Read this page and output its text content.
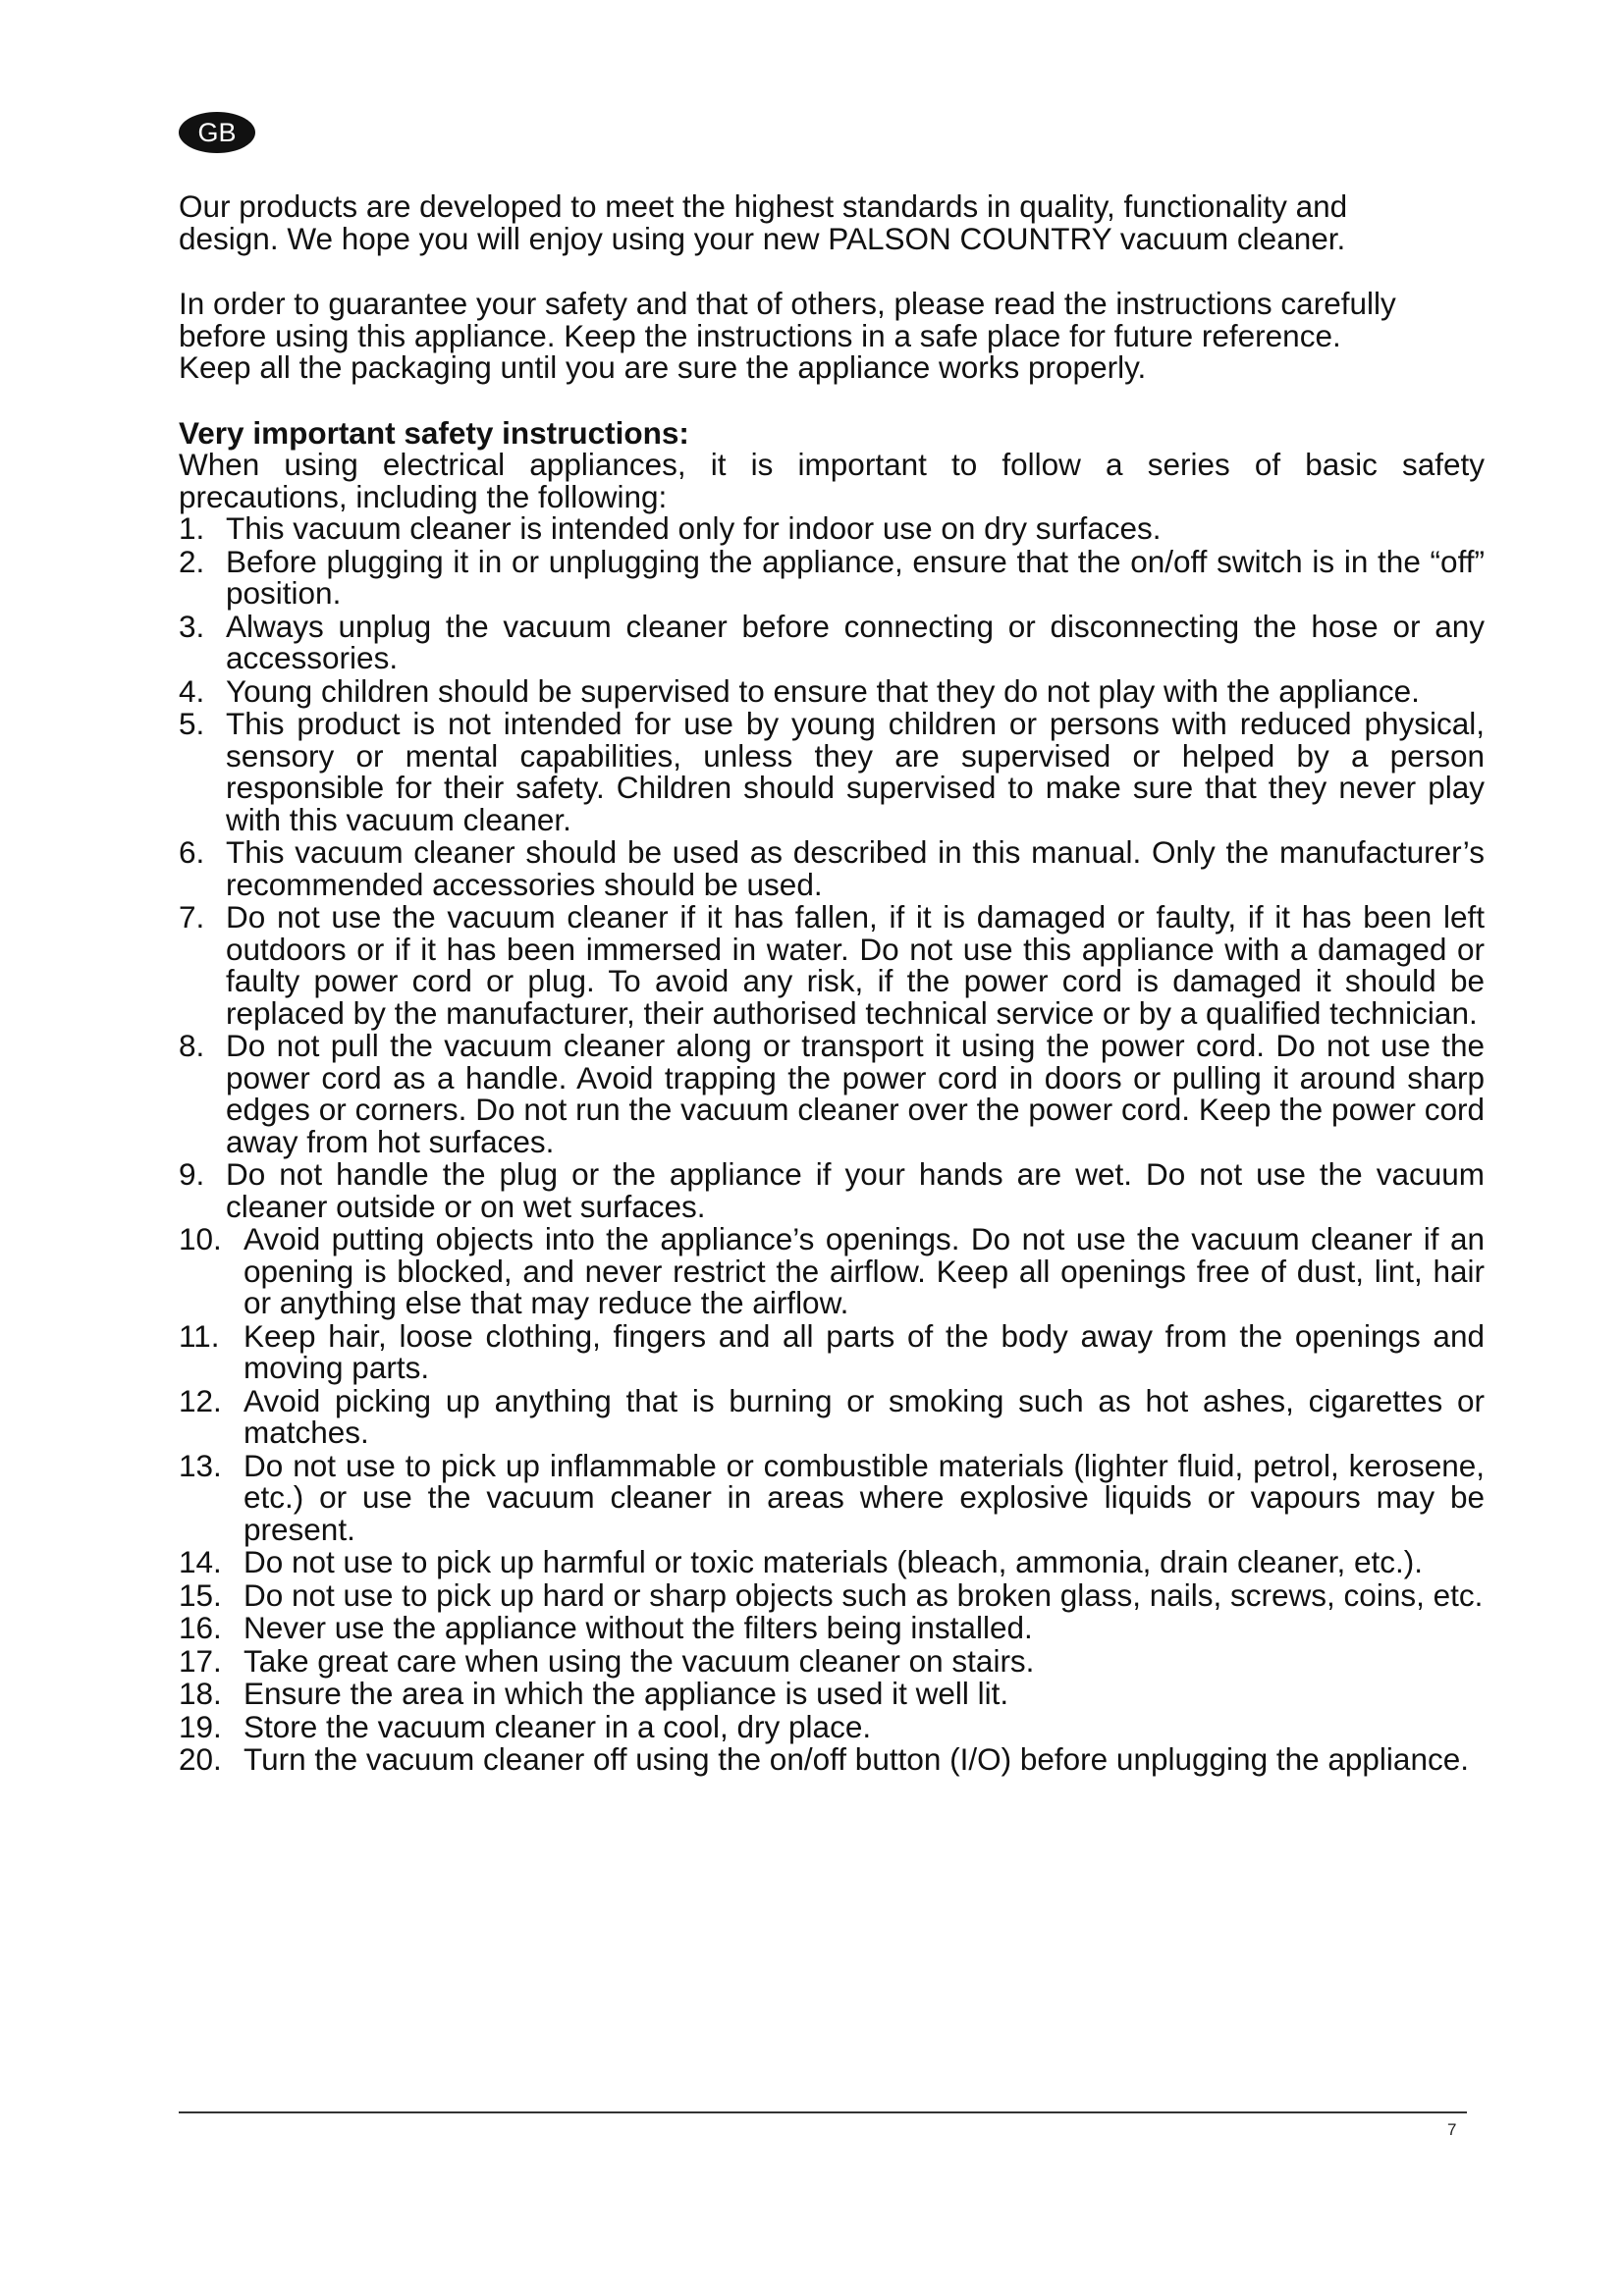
GB

Our products are developed to meet the highest standards in quality, functionality and
design. We hope you will enjoy using your new PALSON COUNTRY vacuum cleaner.

In order to guarantee your safety and that of others, please read the instructions carefully
before using this appliance. Keep the instructions in a safe place for future reference.
Keep all the packaging until you are sure the appliance works properly.

Very important safety instructions:

When using electrical appliances, it is important to follow a series of basic safety
precautions, including the following:

1. This vacuum cleaner is intended only for indoor use on dry surfaces.
2. Before plugging it in or unplugging the appliance, ensure that the on/off switch is in the “off” position.
3. Always unplug the vacuum cleaner before connecting or disconnecting the hose or any accessories.
4. Young children should be supervised to ensure that they do not play with the appliance.
5. This product is not intended for use by young children or persons with reduced physical, sensory or mental capabilities, unless they are supervised or helped by a person responsible for their safety. Children should supervised to make sure that they never play with this vacuum cleaner.
6. This vacuum cleaner should be used as described in this manual. Only the manufacturer’s recommended accessories should be used.
7. Do not use the vacuum cleaner if it has fallen, if it is damaged or faulty, if it has been left outdoors or if it has been immersed in water. Do not use this appliance with a damaged or faulty power cord or plug. To avoid any risk, if the power cord is damaged it should be replaced by the manufacturer, their authorised technical service or by a qualified technician.
8. Do not pull the vacuum cleaner along or transport it using the power cord. Do not use the power cord as a handle. Avoid trapping the power cord in doors or pulling it around sharp edges or corners. Do not run the vacuum cleaner over the power cord. Keep the power cord away from hot surfaces.
9. Do not handle the plug or the appliance if your hands are wet. Do not use the vacuum cleaner outside or on wet surfaces.
10. Avoid putting objects into the appliance’s openings. Do not use the vacuum cleaner if an opening is blocked, and never restrict the airflow. Keep all openings free of dust, lint, hair or anything else that may reduce the airflow.
11. Keep hair, loose clothing, fingers and all parts of the body away from the openings and moving parts.
12. Avoid picking up anything that is burning or smoking such as hot ashes, cigarettes or matches.
13. Do not use to pick up inflammable or combustible materials (lighter fluid, petrol, kerosene, etc.) or use the vacuum cleaner in areas where explosive liquids or vapours may be present.
14. Do not use to pick up harmful or toxic materials (bleach, ammonia, drain cleaner, etc.).
15. Do not use to pick up hard or sharp objects such as broken glass, nails, screws, coins, etc.
16. Never use the appliance without the filters being installed.
17. Take great care when using the vacuum cleaner on stairs.
18. Ensure the area in which the appliance is used it well lit.
19. Store the vacuum cleaner in a cool, dry place.
20. Turn the vacuum cleaner off using the on/off button (I/O) before unplugging the appliance.
7
